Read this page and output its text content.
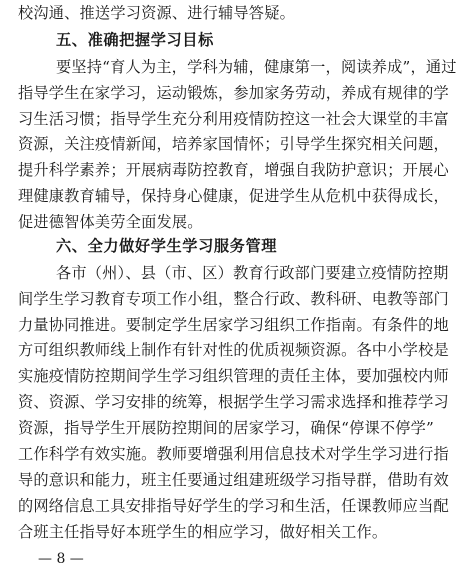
校沟通、推送学习资源、进行辅导答疑。
五、准确把握学习目标
要坚持“育人为主，学科为辅，健康第一，阅读养成”，通过
指导学生在家学习，运动锻炼，参加家务劳动，养成有规律的学
习生活习惯；指导学生充分利用疫情防控这一社会大课堂的丰富
资源，关注疫情新闻，培养家国情怀；引导学生探究相关问题，
提升科学素养；开展病毒防控教育，增强自我防护意识；开展心
理健康教育辅导，保持身心健康，促进学生从危机中获得成长，
促进德智体美劳全面发展。
六、全力做好学生学习服务管理
各市（州）、县（市、区）教育行政部门要建立疫情防控期
间学生学习教育专项工作小组，整合行政、教科研、电教等部门
力量协同推进。要制定学生居家学习组织工作指南。有条件的地
方可组织教师线上制作有针对性的优质视频资源。各中小学校是
实施疫情防控期间学生学习组织管理的责任主体，要加强校内师
资、资源、学习安排的统筹，根据学生学习需求选择和推荐学习
资源，指导学生开展防控期间的居家学习，确保“停课不停学”
工作科学有效实施。教师要增强利用信息技术对学生学习进行指
导的意识和能力，班主任要通过组建班级学习指导群，借助有效
的网络信息工具安排指导好学生的学习和生活，任课教师应当配
合班主任指导好本班学生的相应学习，做好相关工作。
— 8 —
